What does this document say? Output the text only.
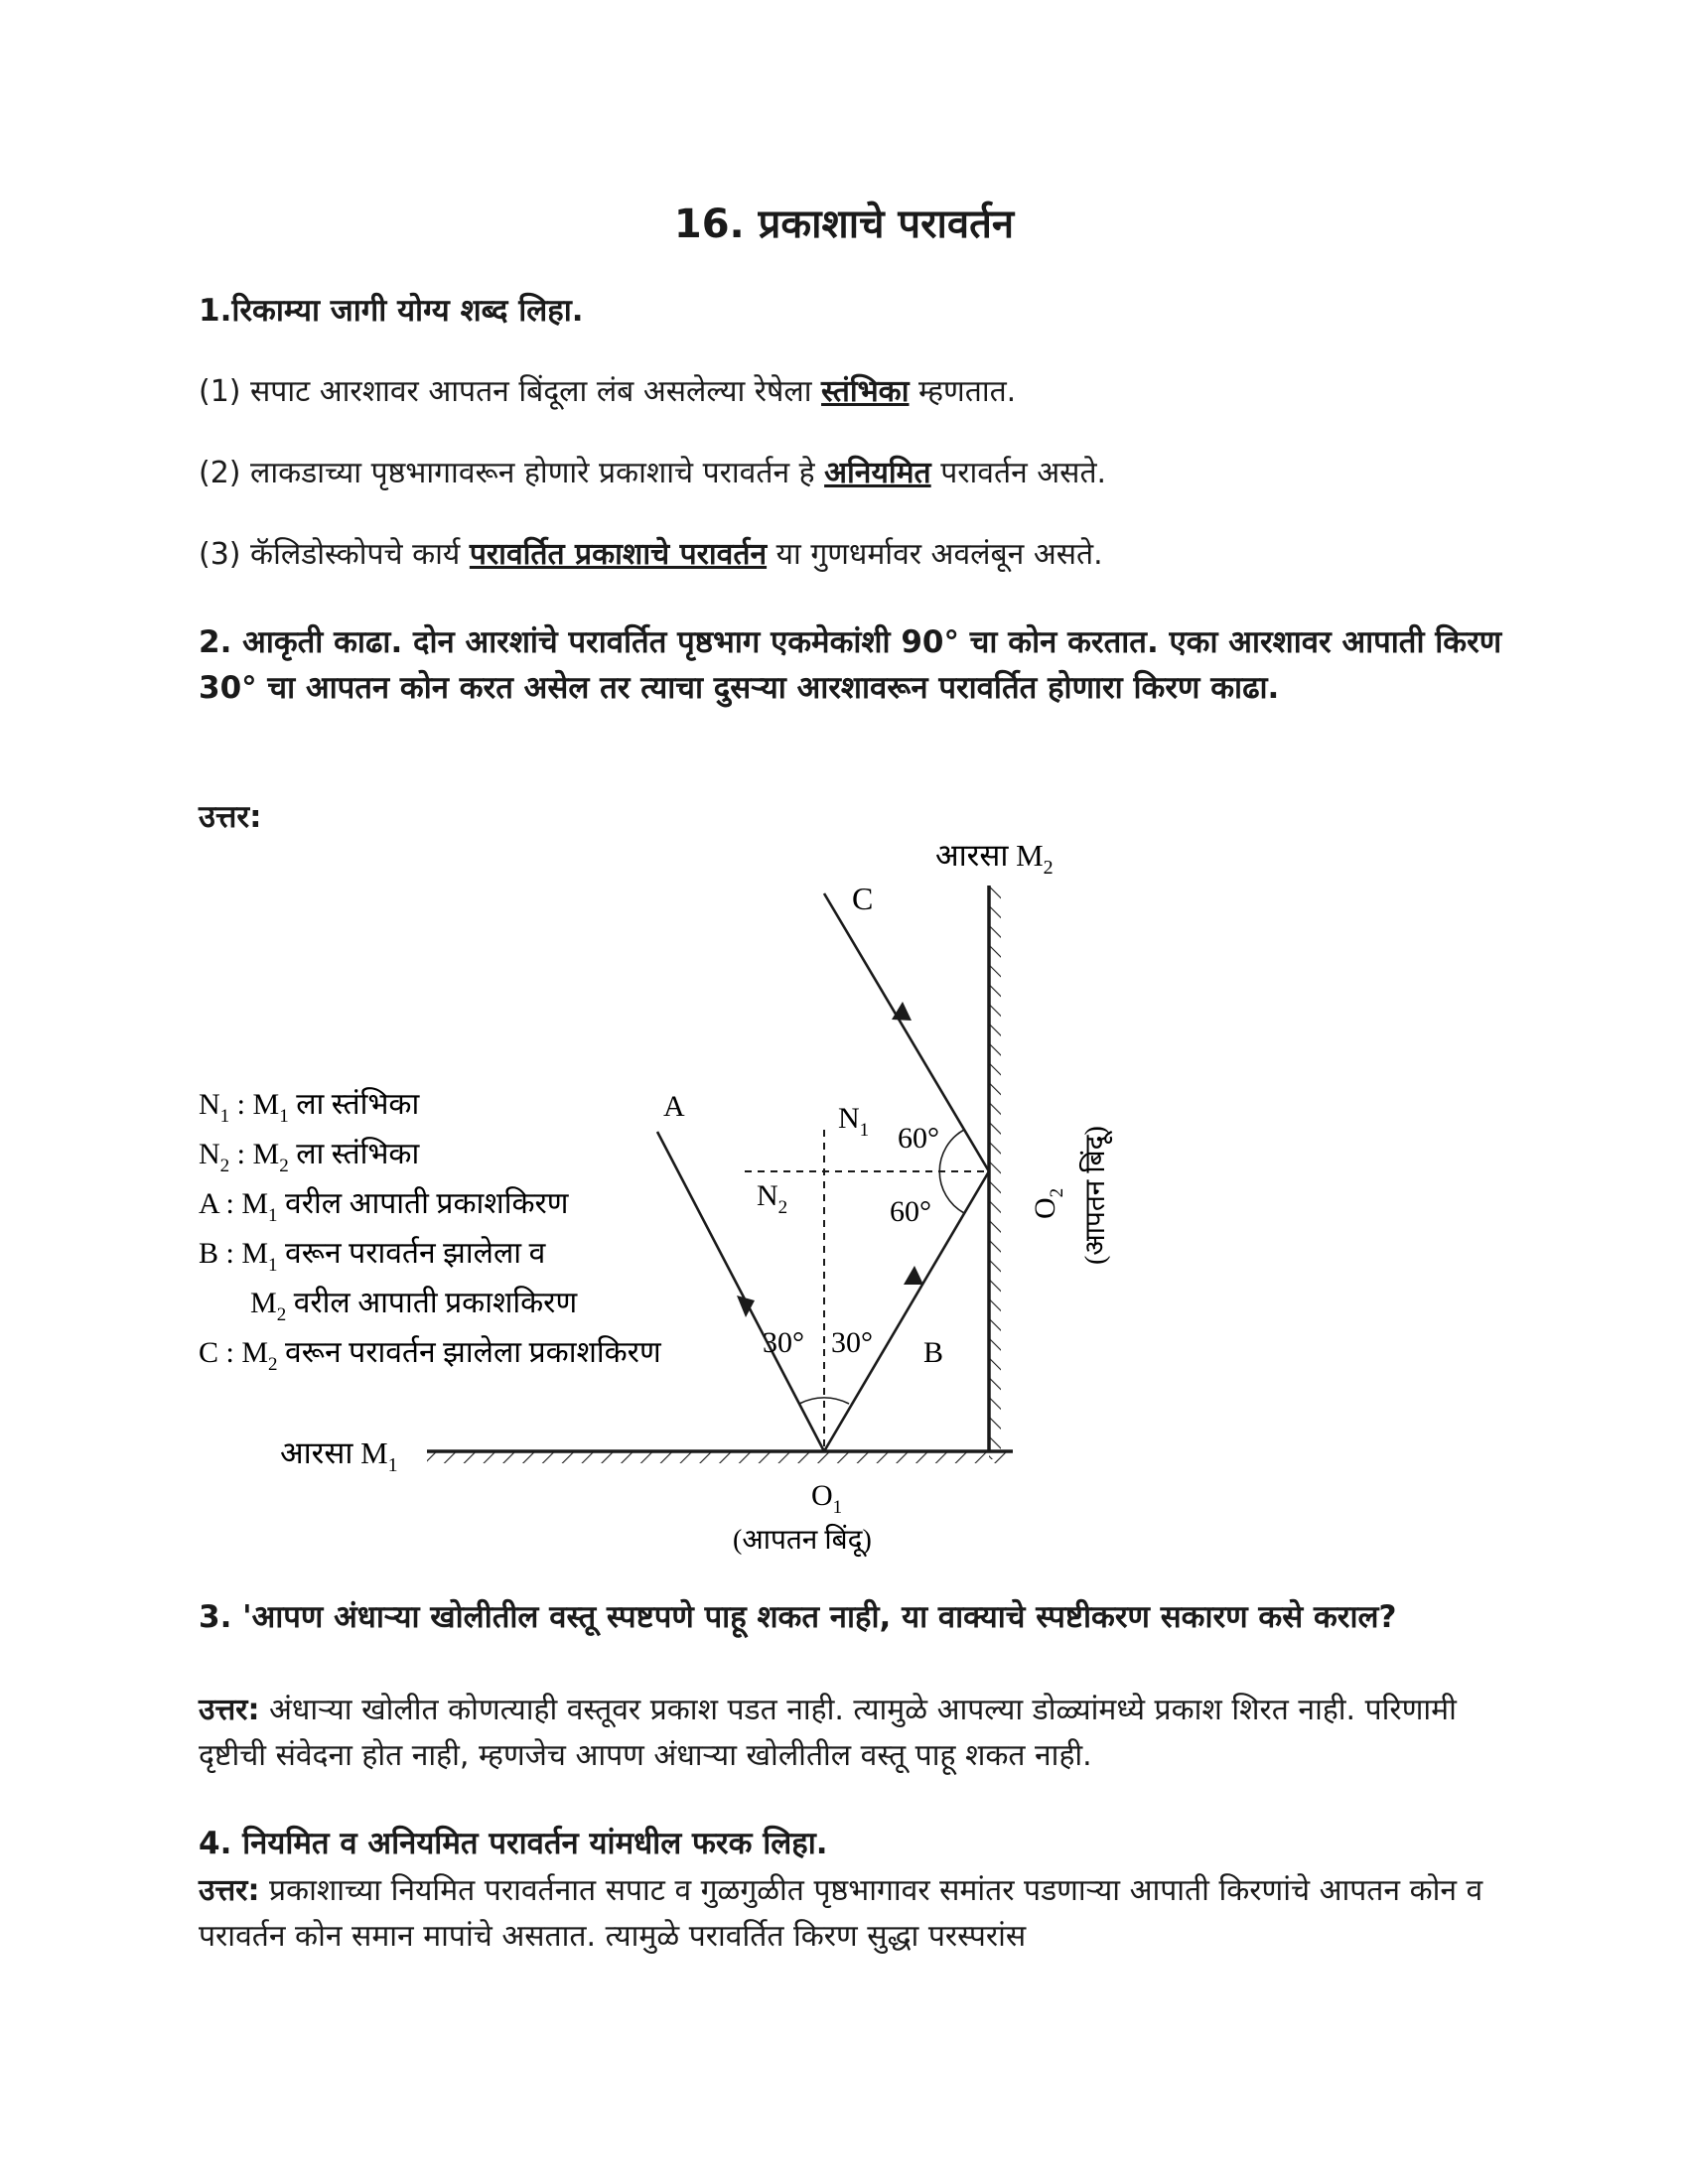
16. प्रकाशाचे परावर्तन

1.रिकाम्या जागी योग्य शब्द लिहा.

(1) सपाट आरशावर आपतन बिंदूला लंब असलेल्या रेषेला स्तंभिका म्हणतात.

(2) लाकडाच्या पृष्ठभागावरून होणारे प्रकाशाचे परावर्तन हे अनियमित परावर्तन असते.

(3) कॅलिडोस्कोपचे कार्य परावर्तित प्रकाशाचे परावर्तन या गुणधर्मावर अवलंबून असते.

2. आकृती काढा. दोन आरशांचे परावर्तित पृष्ठभाग एकमेकांशी 90° चा कोन करतात. एका आरशावर आपाती किरण 30° चा आपतन कोन करत असेल तर त्याचा दुसऱ्या आरशावरून परावर्तित होणारा किरण काढा.

उत्तर:

आरसा $M_2$
C
A
B
$N_1$
$N_2$
60°
60°
30° 30°
आरसा $M_1$
$O_1$
(आपतन बिंदू)
$O_2$ (आपतन बिंदू)
$N_1$ : $M_1$ ला स्तंभिका
$N_2$ : $M_2$ ला स्तंभिका
A : $M_1$ वरील आपाती प्रकाशकिरण
B : $M_1$ वरून परावर्तन झालेला व
$M_2$ वरील आपाती प्रकाशकिरण
C : $M_2$ वरून परावर्तन झालेला प्रकाशकिरण

3. 'आपण अंधाऱ्या खोलीतील वस्तू स्पष्टपणे पाहू शकत नाही, या वाक्याचे स्पष्टीकरण सकारण कसे कराल?

उत्तर: अंधाऱ्या खोलीत कोणत्याही वस्तूवर प्रकाश पडत नाही. त्यामुळे आपल्या डोळ्यांमध्ये प्रकाश शिरत नाही. परिणामी दृष्टीची संवेदना होत नाही, म्हणजेच आपण अंधाऱ्या खोलीतील वस्तू पाहू शकत नाही.

4. नियमित व अनियमित परावर्तन यांमधील फरक लिहा.

उत्तर: प्रकाशाच्या नियमित परावर्तनात सपाट व गुळगुळीत पृष्ठभागावर समांतर पडणाऱ्या आपाती किरणांचे आपतन कोन व परावर्तन कोन समान मापांचे असतात. त्यामुळे परावर्तित किरण सुद्धा परस्परांस
